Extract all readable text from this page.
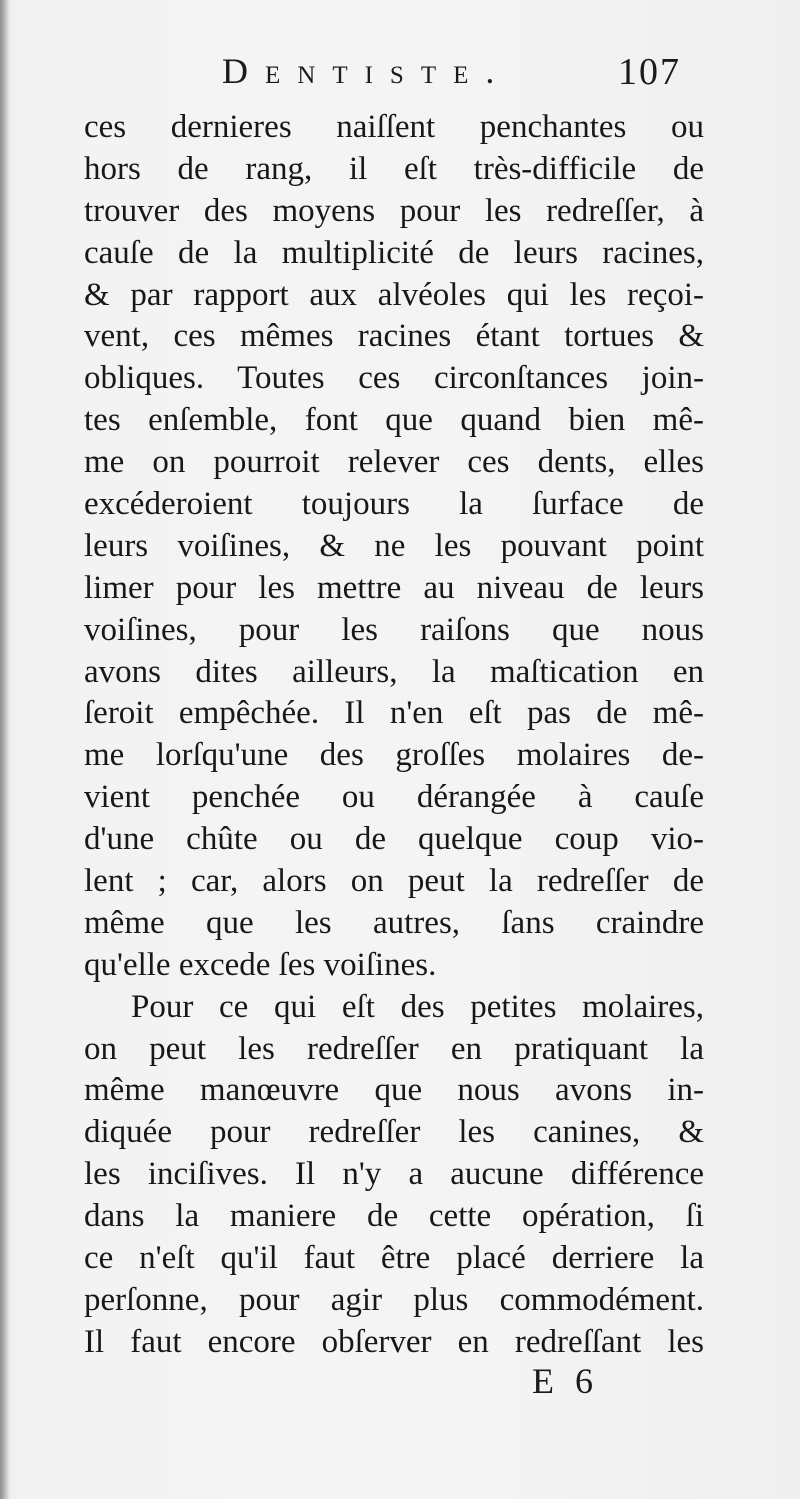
Dentiste.	107
ces dernieres naiſſent penchantes ou
hors de rang, il eſt très-difficile de
trouver des moyens pour les redreſſer, à
cauſe de la multiplicité de leurs racines,
& par rapport aux alvéoles qui les reçoi-
vent, ces mêmes racines étant tortues &
obliques. Toutes ces circonſtances join-
tes enſemble, font que quand bien mê-
me on pourroit relever ces dents, elles
excéderoient toujours la ſurface de
leurs voiſines, & ne les pouvant point
limer pour les mettre au niveau de leurs
voiſines, pour les raiſons que nous
avons dites ailleurs, la maſtication en
ſeroit empêchée. Il n'en eſt pas de mê-
me lorſqu'une des groſſes molaires de-
vient penchée ou dérangée à cauſe
d'une chûte ou de quelque coup vio-
lent ; car, alors on peut la redreſſer de
même que les autres, ſans craindre
qu'elle excede ſes voiſines.
Pour ce qui eſt des petites molaires,
on peut les redreſſer en pratiquant la
même manœuvre que nous avons in-
diquée pour redreſſer les canines, &
les inciſives. Il n'y a aucune différence
dans la maniere de cette opération, ſi
ce n'eſt qu'il faut être placé derriere la
perſonne, pour agir plus commodément.
Il faut encore obſerver en redreſſant les
E 6
